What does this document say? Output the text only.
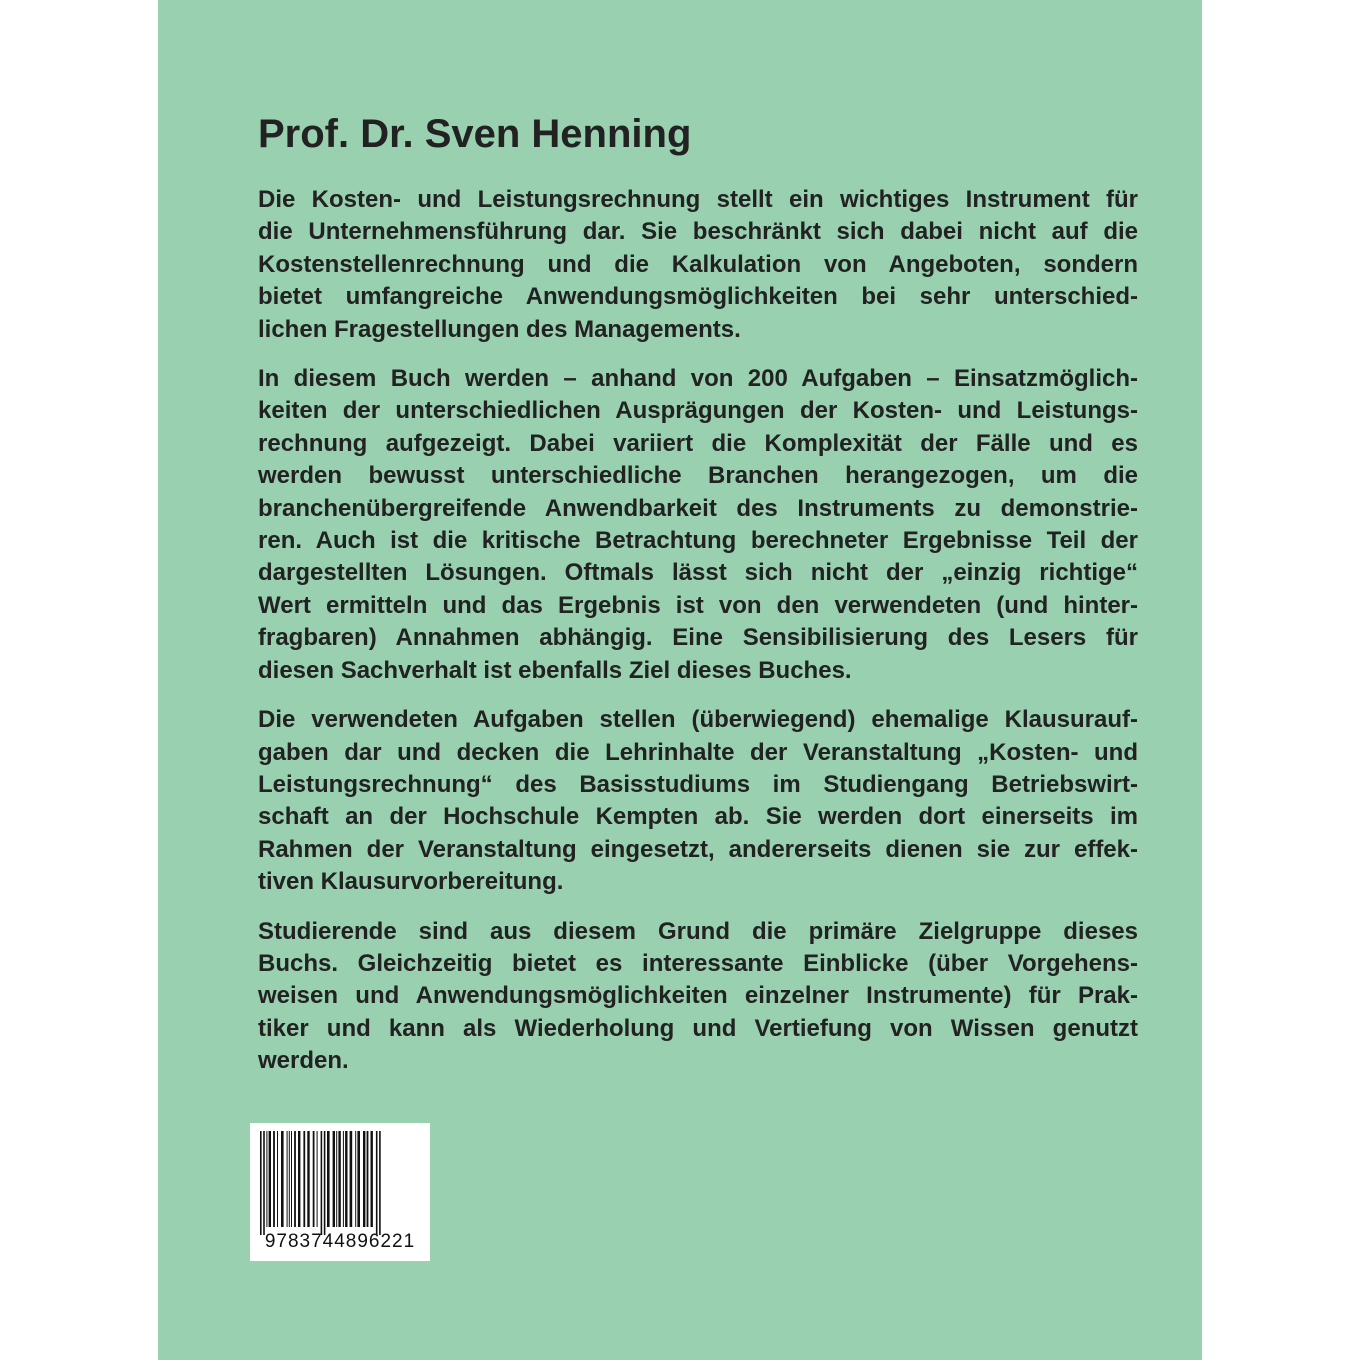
Prof. Dr. Sven Henning

Die Kosten- und Leistungsrechnung stellt ein wichtiges Instrument für
die Unternehmensführung dar. Sie beschränkt sich dabei nicht auf die
Kostenstellenrechnung und die Kalkulation von Angeboten, sondern
bietet umfangreiche Anwendungsmöglichkeiten bei sehr unterschied-
lichen Fragestellungen des Managements.

In diesem Buch werden – anhand von 200 Aufgaben – Einsatzmöglich-
keiten der unterschiedlichen Ausprägungen der Kosten- und Leistungs-
rechnung aufgezeigt. Dabei variiert die Komplexität der Fälle und es
werden bewusst unterschiedliche Branchen herangezogen, um die
branchenübergreifende Anwendbarkeit des Instruments zu demonstrie-
ren. Auch ist die kritische Betrachtung berechneter Ergebnisse Teil der
dargestellten Lösungen. Oftmals lässt sich nicht der „einzig richtige“
Wert ermitteln und das Ergebnis ist von den verwendeten (und hinter-
fragbaren) Annahmen abhängig. Eine Sensibilisierung des Lesers für
diesen Sachverhalt ist ebenfalls Ziel dieses Buches.

Die verwendeten Aufgaben stellen (überwiegend) ehemalige Klausurauf-
gaben dar und decken die Lehrinhalte der Veranstaltung „Kosten- und
Leistungsrechnung“ des Basisstudiums im Studiengang Betriebswirt-
schaft an der Hochschule Kempten ab. Sie werden dort einerseits im
Rahmen der Veranstaltung eingesetzt, andererseits dienen sie zur effek-
tiven Klausurvorbereitung.

Studierende sind aus diesem Grund die primäre Zielgruppe dieses
Buchs. Gleichzeitig bietet es interessante Einblicke (über Vorgehens-
weisen und Anwendungsmöglichkeiten einzelner Instrumente) für Prak-
tiker und kann als Wiederholung und Vertiefung von Wissen genutzt
werden.

9783744896221
